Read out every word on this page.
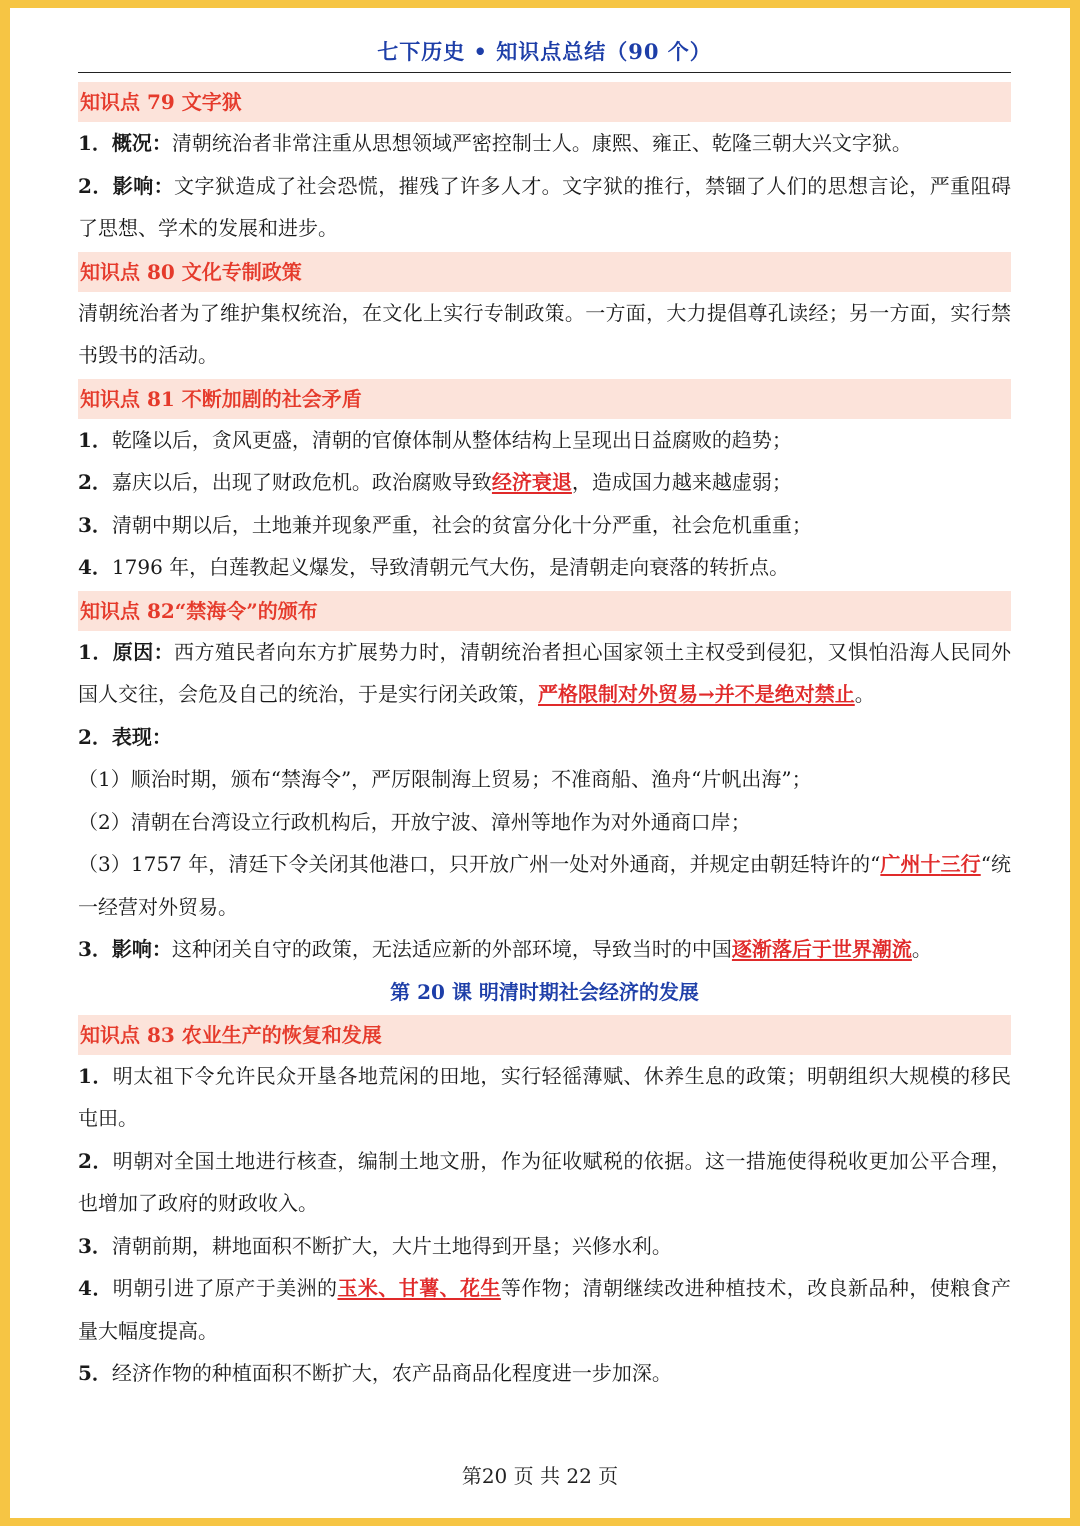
七下历史 • 知识点总结（90 个）
知识点 79 文字狱
1．概况：清朝统治者非常注重从思想领域严密控制士人。康熙、雍正、乾隆三朝大兴文字狱。
2．影响：文字狱造成了社会恐慌，摧残了许多人才。文字狱的推行，禁锢了人们的思想言论，严重阻碍了思想、学术的发展和进步。
知识点 80 文化专制政策
清朝统治者为了维护集权统治，在文化上实行专制政策。一方面，大力提倡尊孔读经；另一方面，实行禁书毁书的活动。
知识点 81 不断加剧的社会矛盾
1．乾隆以后，贪风更盛，清朝的官僚体制从整体结构上呈现出日益腐败的趋势；
2．嘉庆以后，出现了财政危机。政治腐败导致经济衰退，造成国力越来越虚弱；
3．清朝中期以后，土地兼并现象严重，社会的贫富分化十分严重，社会危机重重；
4．1796 年，白莲教起义爆发，导致清朝元气大伤，是清朝走向衰落的转折点。
知识点 82“禁海令”的颁布
1．原因：西方殖民者向东方扩展势力时，清朝统治者担心国家领土主权受到侵犯，又惧怕沿海人民同外国人交往，会危及自己的统治，于是实行闭关政策，严格限制对外贸易→并不是绝对禁止。
2．表现：
（1）顺治时期，颁布“禁海令”，严厉限制海上贸易；不准商船、渔舟“片帆出海”；
（2）清朝在台湾设立行政机构后，开放宁波、漳州等地作为对外通商口岸；
（3）1757 年，清廷下令关闭其他港口，只开放广州一处对外通商，并规定由朝廷特许的“广州十三行“统一经营对外贸易。
3．影响：这种闭关自守的政策，无法适应新的外部环境，导致当时的中国逐渐落后于世界潮流。
第 20 课 明清时期社会经济的发展
知识点 83 农业生产的恢复和发展
1．明太祖下令允许民众开垦各地荒闲的田地，实行轻徭薄赋、休养生息的政策；明朝组织大规模的移民屯田。
2．明朝对全国土地进行核查，编制土地文册，作为征收赋税的依据。这一措施使得税收更加公平合理，也增加了政府的财政收入。
3．清朝前期，耕地面积不断扩大，大片土地得到开垦；兴修水利。
4．明朝引进了原产于美洲的玉米、甘薯、花生等作物；清朝继续改进种植技术，改良新品种，使粮食产量大幅度提高。
5．经济作物的种植面积不断扩大，农产品商品化程度进一步加深。
第20 页 共 22 页
